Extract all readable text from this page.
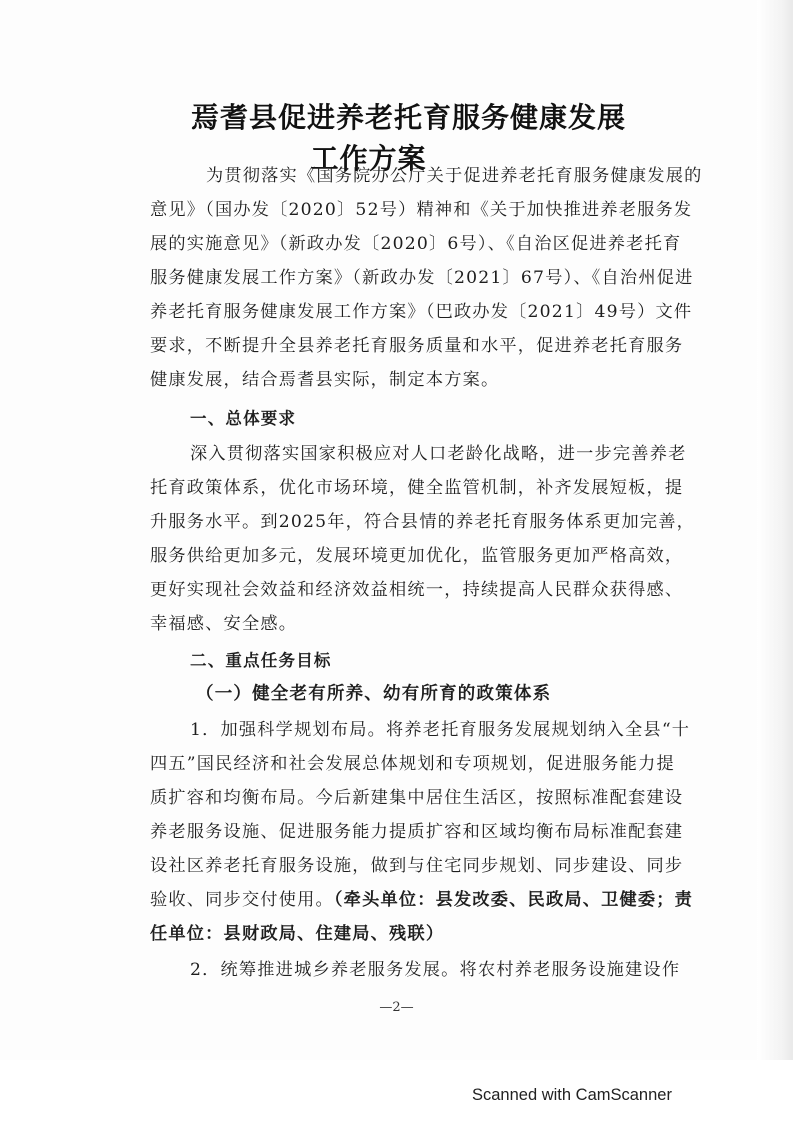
焉耆县促进养老托育服务健康发展
工作方案
为贯彻落实《国务院办公厅关于促进养老托育服务健康发展的
意见》（国办发〔2020〕52号）精神和《关于加快推进养老服务发
展的实施意见》（新政办发〔2020〕6号）、《自治区促进养老托育
服务健康发展工作方案》（新政办发〔2021〕67号）、《自治州促进
养老托育服务健康发展工作方案》（巴政办发〔2021〕49号）文件
要求，不断提升全县养老托育服务质量和水平，促进养老托育服务
健康发展，结合焉耆县实际，制定本方案。
一、总体要求
深入贯彻落实国家积极应对人口老龄化战略，进一步完善养老
托育政策体系，优化市场环境，健全监管机制，补齐发展短板，提
升服务水平。到2025年，符合县情的养老托育服务体系更加完善，
服务供给更加多元，发展环境更加优化，监管服务更加严格高效，
更好实现社会效益和经济效益相统一，持续提高人民群众获得感、
幸福感、安全感。
二、重点任务目标
（一）健全老有所养、幼有所育的政策体系
1．加强科学规划布局。将养老托育服务发展规划纳入全县“十
四五”国民经济和社会发展总体规划和专项规划，促进服务能力提
质扩容和均衡布局。今后新建集中居住生活区，按照标准配套建设
养老服务设施、促进服务能力提质扩容和区域均衡布局标准配套建
设社区养老托育服务设施，做到与住宅同步规划、同步建设、同步
验收、同步交付使用。（牵头单位：县发改委、民政局、卫健委；责
任单位：县财政局、住建局、残联）
2．统筹推进城乡养老服务发展。将农村养老服务设施建设作
—2—
Scanned with CamScanner
